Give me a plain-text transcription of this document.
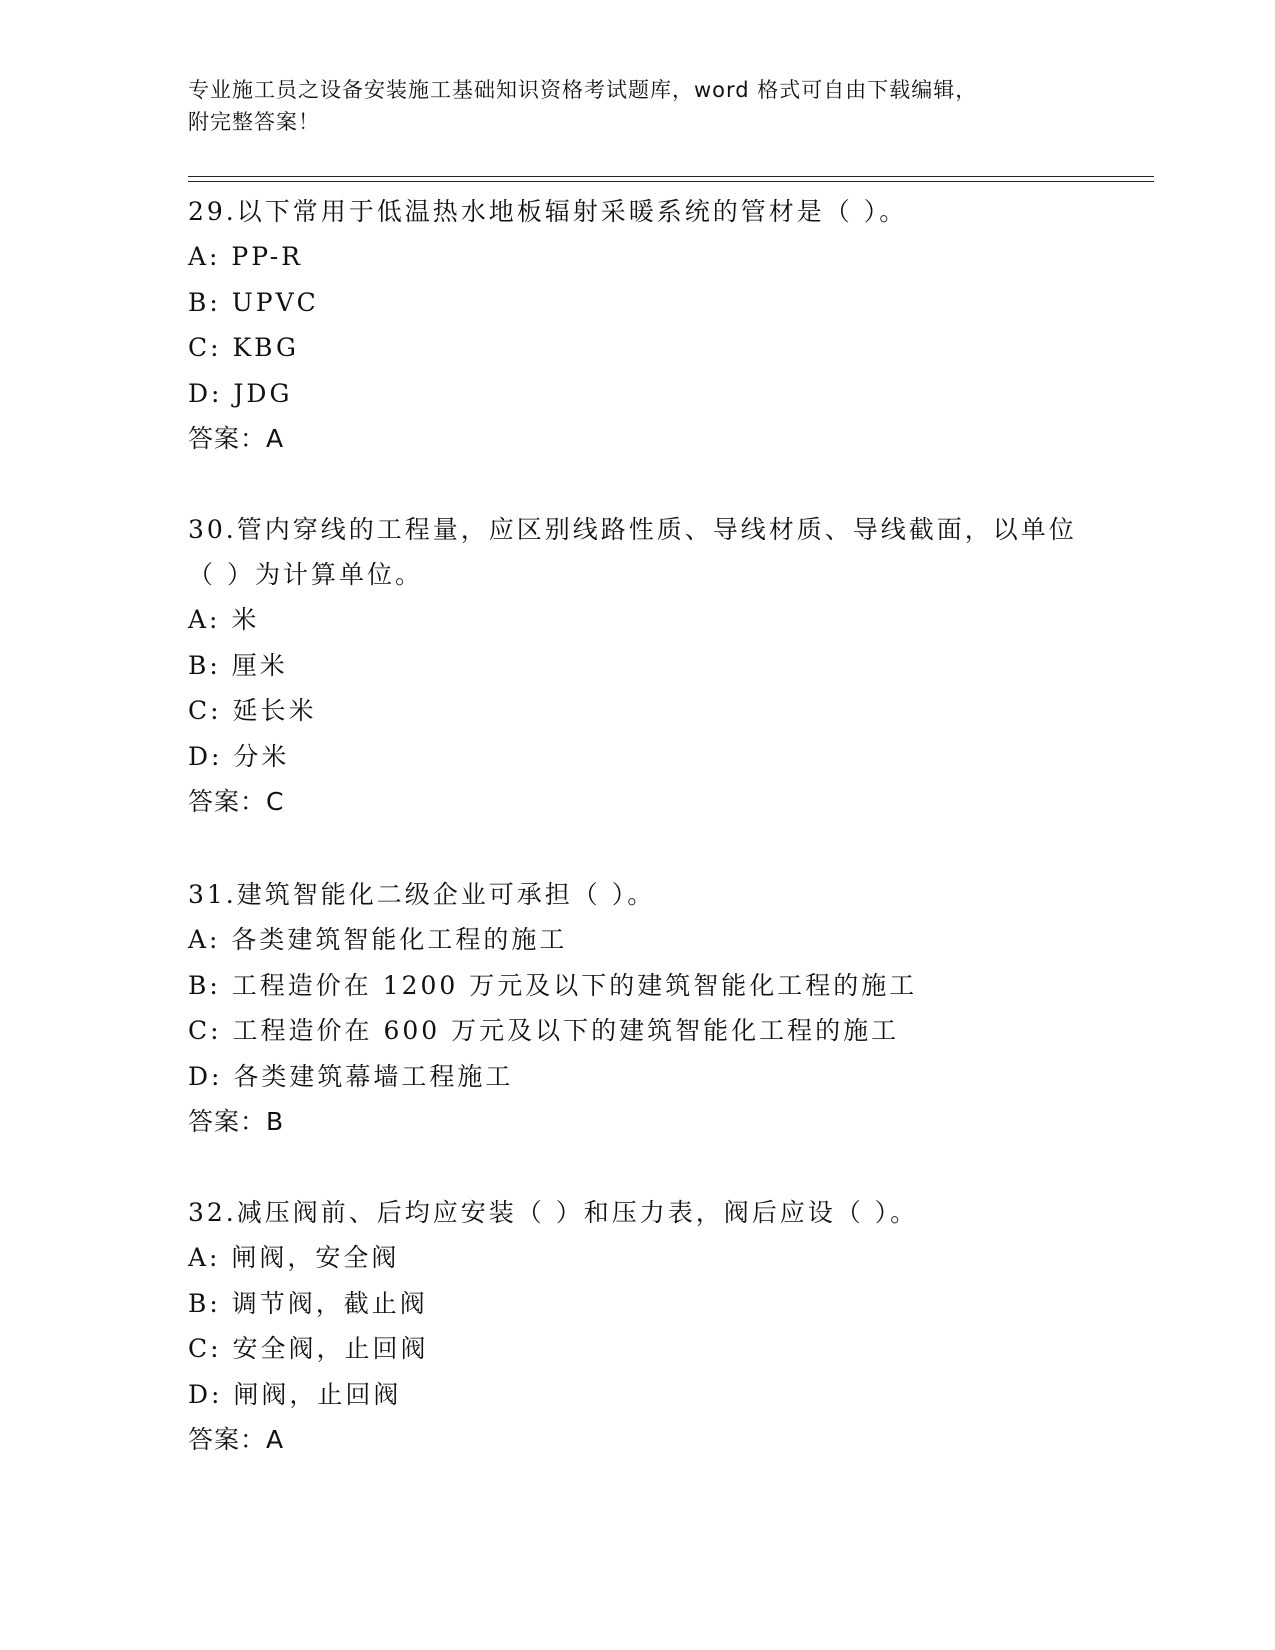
专业施工员之设备安装施工基础知识资格考试题库，word 格式可自由下载编辑，
附完整答案！
29.以下常用于低温热水地板辐射采暖系统的管材是（ ）。
A: PP-R
B: UPVC
C: KBG
D: JDG
答案：A
30.管内穿线的工程量，应区别线路性质、导线材质、导线截面，以单位（ ）为计算单位。
A: 米
B: 厘米
C: 延长米
D: 分米
答案：C
31.建筑智能化二级企业可承担（ ）。
A: 各类建筑智能化工程的施工
B: 工程造价在 1200 万元及以下的建筑智能化工程的施工
C: 工程造价在 600 万元及以下的建筑智能化工程的施工
D: 各类建筑幕墙工程施工
答案：B
32.减压阀前、后均应安装（ ）和压力表，阀后应设（ ）。
A: 闸阀，安全阀
B: 调节阀，截止阀
C: 安全阀，止回阀
D: 闸阀，止回阀
答案：A
